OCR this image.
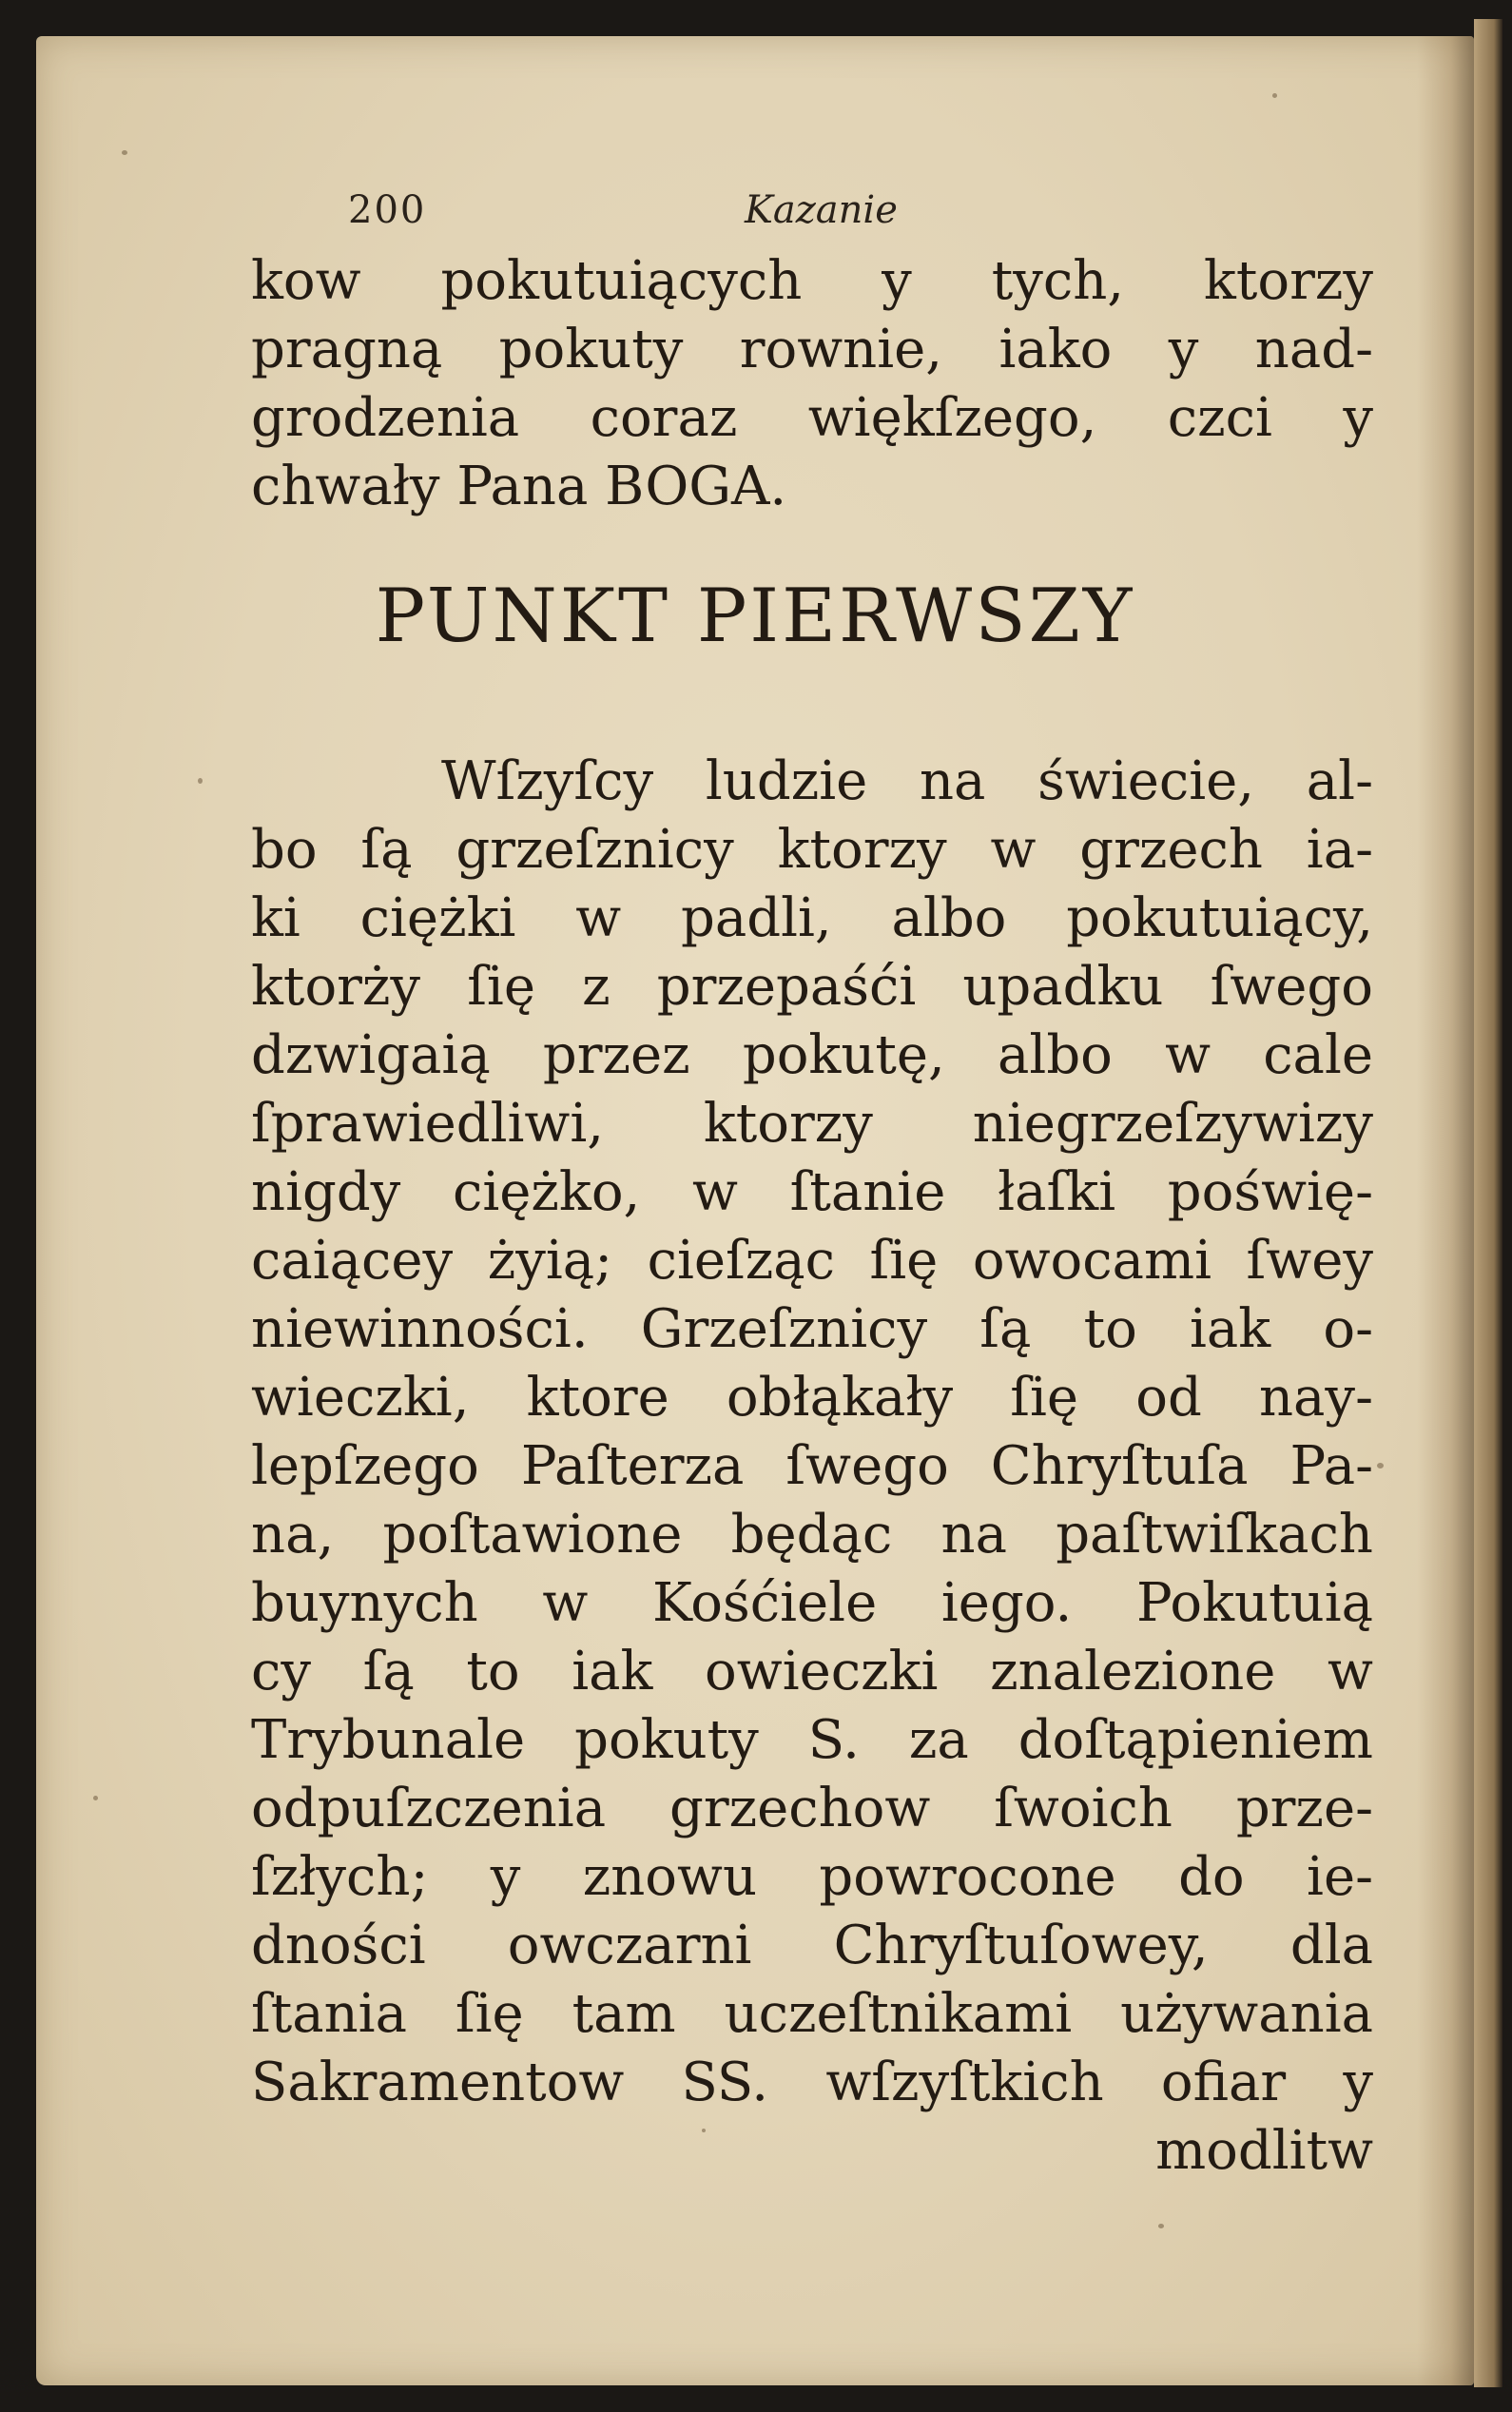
200	Kazanie
kow pokutuiących y tych, ktorzy
pragną pokuty rownie, iako y nad-
grodzenia coraz więkſzego, czci y
chwały Pana BOGA.
PUNKT PIERWSZY
Wſzyſcy ludzie na świecie, al-
bo ſą grzeſznicy ktorzy w grzech ia-
ki ciężki w padli, albo pokutuiący,
ktorży ſię z przepaśći upadku ſwego
dzwigaią przez pokutę, albo w cale
ſprawiedliwi, ktorzy niegrzeſzywizy
nigdy ciężko, w ſtanie łaſki poświę-
caiącey żyią; cieſząc ſię owocami ſwey
niewinności. Grzeſznicy ſą to iak o-
wieczki, ktore obłąkały ſię od nay-
lepſzego Paſterza ſwego Chryſtuſa Pa-
na, poſtawione będąc na paſtwiſkach
buynych w Kośćiele iego. Pokutuią
cy ſą to iak owieczki znalezione w
Trybunale pokuty S. za doſtąpieniem
odpuſzczenia grzechow ſwoich prze-
ſzłych; y znowu powrocone do ie-
dności owczarni Chryſtuſowey, dla
ſtania ſię tam uczeſtnikami używania
Sakramentow SS. wſzyſtkich ofiar y
modlitw
